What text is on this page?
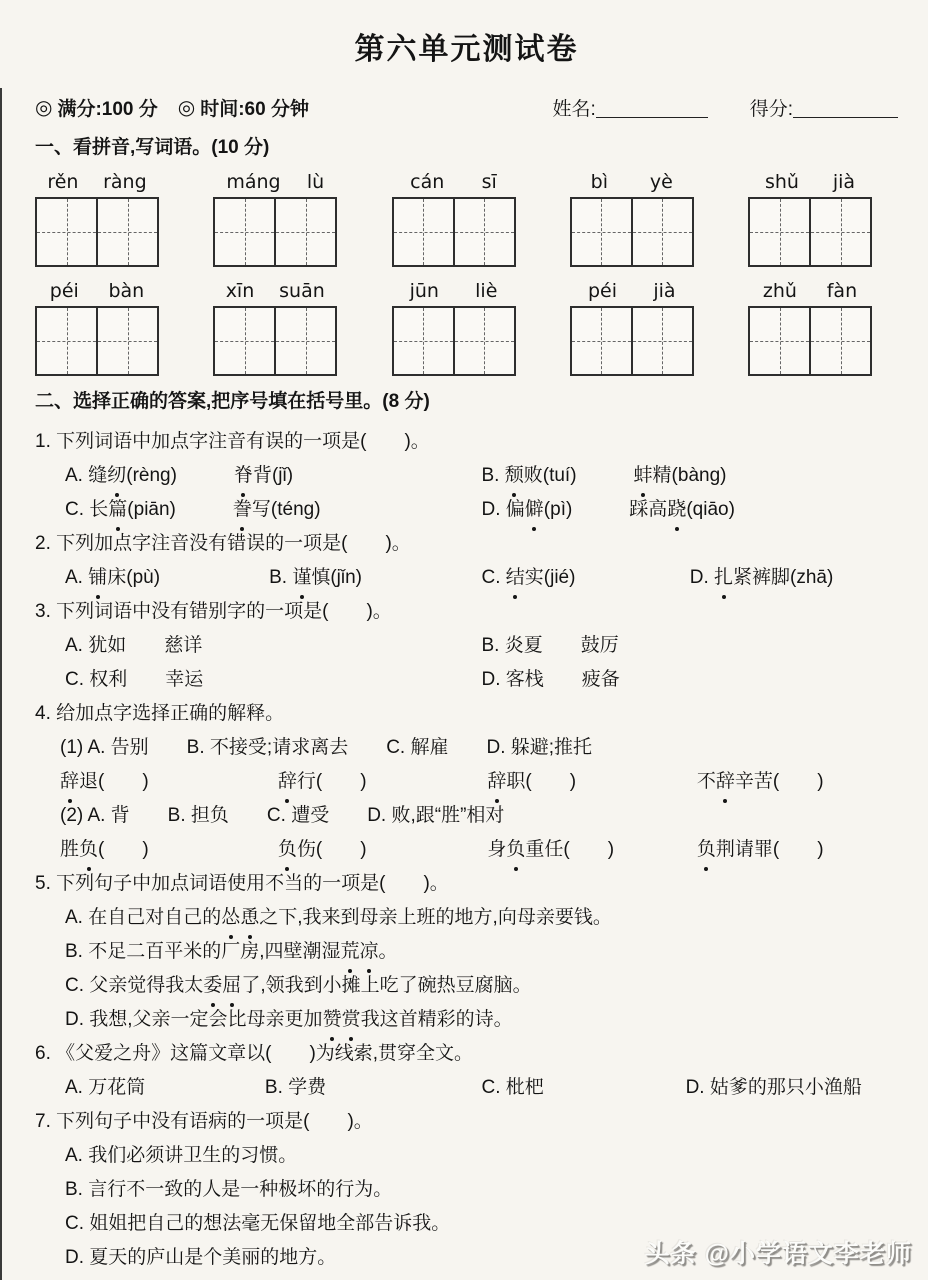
第六单元测试卷
◎ 满分:100 分 ◎ 时间:60 分钟	姓名:	得分:
一、看拼音,写词语。(10 分)
rěn ràng	máng lù	cán sī	bì yè	shǔ jià
péi bàn	xīn suān	jūn liè	péi jià	zhǔ fàn
二、选择正确的答案,把序号填在括号里。(8 分)
1. 下列词语中加点字注音有误的一项是(　　)。
A. 缝纫(rèng)　　　脊背(jǐ)	B. 颓败(tuí)　　　蚌精(bàng)
C. 长篇(piān)　　　誊写(téng)	D. 偏僻(pì)　　　踩高跷(qiāo)
2. 下列加点字注音没有错误的一项是(　　)。
A. 铺床(pù)	B. 谨慎(jǐn)	C. 结实(jié)	D. 扎紧裤脚(zhā)
3. 下列词语中没有错别字的一项是(　　)。
A. 犹如　　慈详	B. 炎夏　　鼓厉
C. 权利　　幸运	D. 客栈　　疲备
4. 给加点字选择正确的解释。
(1) A. 告别　　B. 不接受;请求离去　　C. 解雇　　D. 躲避;推托
辞退(　　)	辞行(　　)	辞职(　　)	不辞辛苦(　　)
(2) A. 背　　B. 担负　　C. 遭受　　D. 败,跟“胜”相对
胜负(　　)	负伤(　　)	身负重任(　　)	负荆请罪(　　)
5. 下列句子中加点词语使用不当的一项是(　　)。
A. 在自己对自己的怂恿之下,我来到母亲上班的地方,向母亲要钱。
B. 不足二百平米的厂房,四壁潮湿荒凉。
C. 父亲觉得我太委屈了,领我到小摊上吃了碗热豆腐脑。
D. 我想,父亲一定会比母亲更加赞赏我这首精彩的诗。
6. 《父爱之舟》这篇文章以(　　)为线索,贯穿全文。
A. 万花筒	B. 学费	C. 枇杷	D. 姑爹的那只小渔船
7. 下列句子中没有语病的一项是(　　)。
A. 我们必须讲卫生的习惯。
B. 言行不一致的人是一种极坏的行为。
C. 姐姐把自己的想法毫无保留地全部告诉我。
D. 夏天的庐山是个美丽的地方。	头条 @小学语文李老师
